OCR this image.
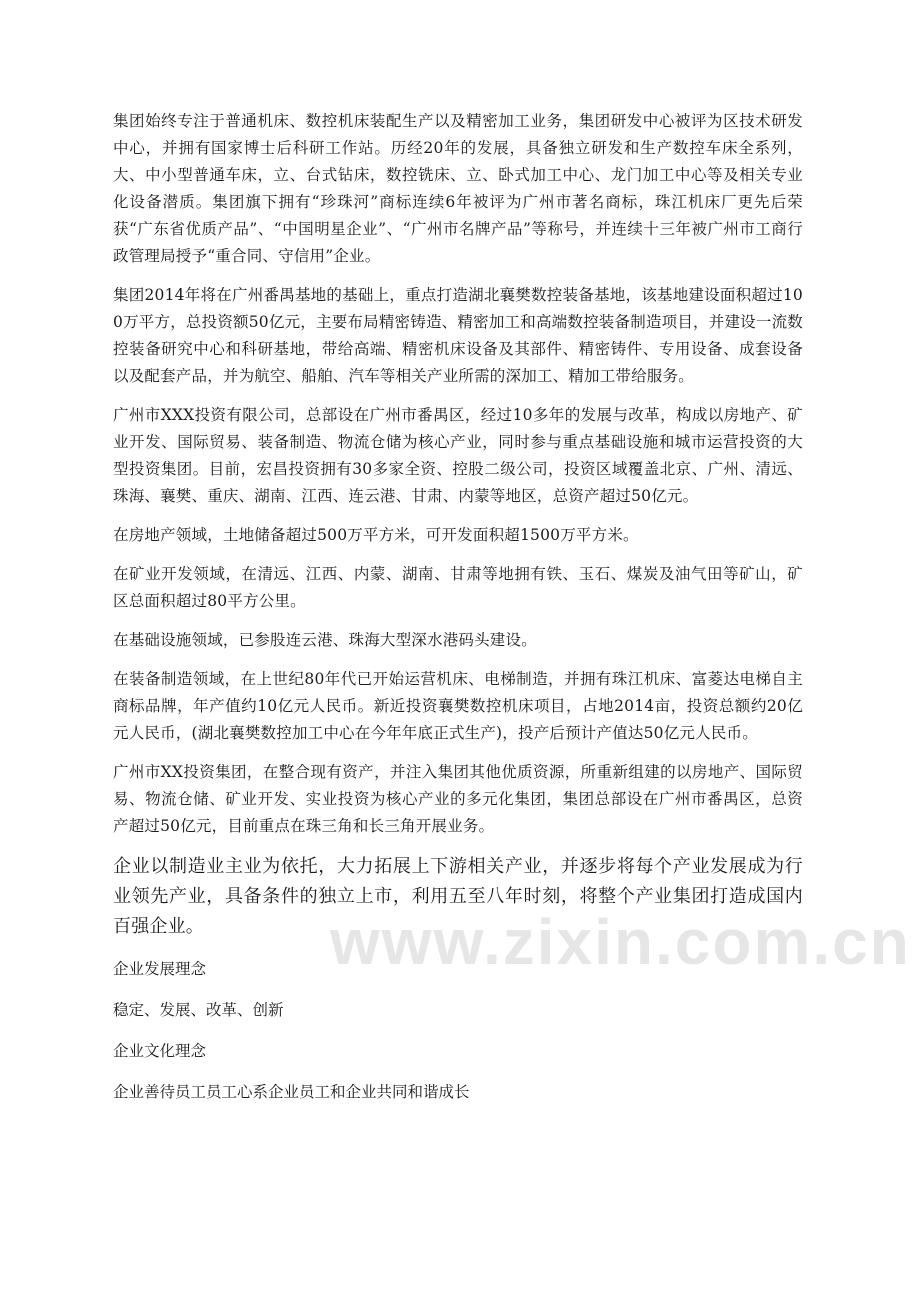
集团始终专注于普通机床、数控机床装配生产以及精密加工业务，集团研发中心被评为区技术研发中心，并拥有国家博士后科研工作站。历经20年的发展，具备独立研发和生产数控车床全系列，大、中小型普通车床，立、台式钻床，数控铣床、立、卧式加工中心、龙门加工中心等及相关专业化设备潜质。集团旗下拥有“珍珠河”商标连续6年被评为广州市著名商标，珠江机床厂更先后荣获“广东省优质产品”、“中国明星企业”、“广州市名牌产品”等称号，并连续十三年被广州市工商行政管理局授予“重合同、守信用”企业。

集团2014年将在广州番禺基地的基础上，重点打造湖北襄樊数控装备基地，该基地建设面积超过100万平方，总投资额50亿元，主要布局精密铸造、精密加工和高端数控装备制造项目，并建设一流数控装备研究中心和科研基地，带给高端、精密机床设备及其部件、精密铸件、专用设备、成套设备以及配套产品，并为航空、船舶、汽车等相关产业所需的深加工、精加工带给服务。

广州市XXX投资有限公司，总部设在广州市番禺区，经过10多年的发展与改革，构成以房地产、矿业开发、国际贸易、装备制造、物流仓储为核心产业，同时参与重点基础设施和城市运营投资的大型投资集团。目前，宏昌投资拥有30多家全资、控股二级公司，投资区域覆盖北京、广州、清远、珠海、襄樊、重庆、湖南、江西、连云港、甘肃、内蒙等地区，总资产超过50亿元。

在房地产领域，土地储备超过500万平方米，可开发面积超1500万平方米。

在矿业开发领域，在清远、江西、内蒙、湖南、甘肃等地拥有铁、玉石、煤炭及油气田等矿山，矿区总面积超过80平方公里。

在基础设施领域，已参股连云港、珠海大型深水港码头建设。

在装备制造领域，在上世纪80年代已开始运营机床、电梯制造，并拥有珠江机床、富菱达电梯自主商标品牌，年产值约10亿元人民币。新近投资襄樊数控机床项目，占地2014亩，投资总额约20亿元人民币，(湖北襄樊数控加工中心在今年年底正式生产)，投产后预计产值达50亿元人民币。

广州市XX投资集团，在整合现有资产，并注入集团其他优质资源，所重新组建的以房地产、国际贸易、物流仓储、矿业开发、实业投资为核心产业的多元化集团，集团总部设在广州市番禺区，总资产超过50亿元，目前重点在珠三角和长三角开展业务。

企业以制造业主业为依托，大力拓展上下游相关产业，并逐步将每个产业发展成为行业领先产业，具备条件的独立上市，利用五至八年时刻，将整个产业集团打造成国内百强企业。

企业发展理念

稳定、发展、改革、创新

企业文化理念

企业善待员工员工心系企业员工和企业共同和谐成长

www.zixin.com.cn
